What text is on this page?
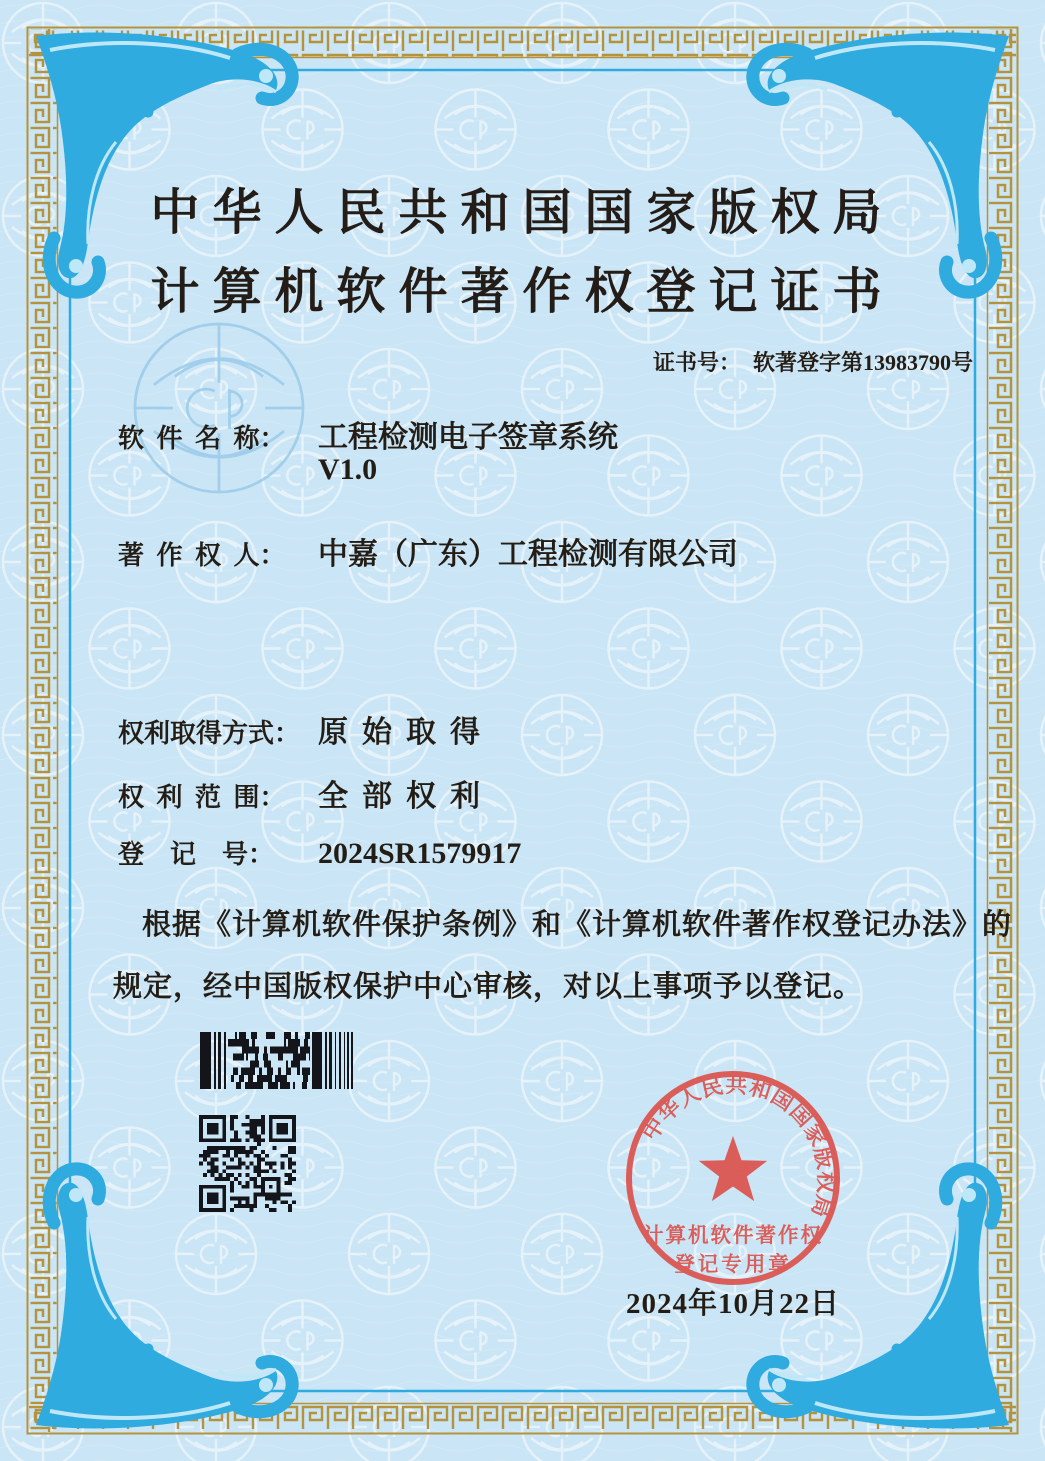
中华人民共和国国家版权局
计算机软件著作权登记证书
证书号： 软著登字第13983790号
软 件 名 称： 工程检测电子签章系统
V1.0
著 作 权 人： 中嘉（广东）工程检测有限公司
权利取得方式： 原始取得
权 利 范 围： 全部权利
登　记　号： 2024SR1579917
根据《计算机软件保护条例》和《计算机软件著作权登记办法》的
规定，经中国版权保护中心审核，对以上事项予以登记。
中华人民共和国国家版权局
计算机软件著作权
登记专用章
2024年10月22日
